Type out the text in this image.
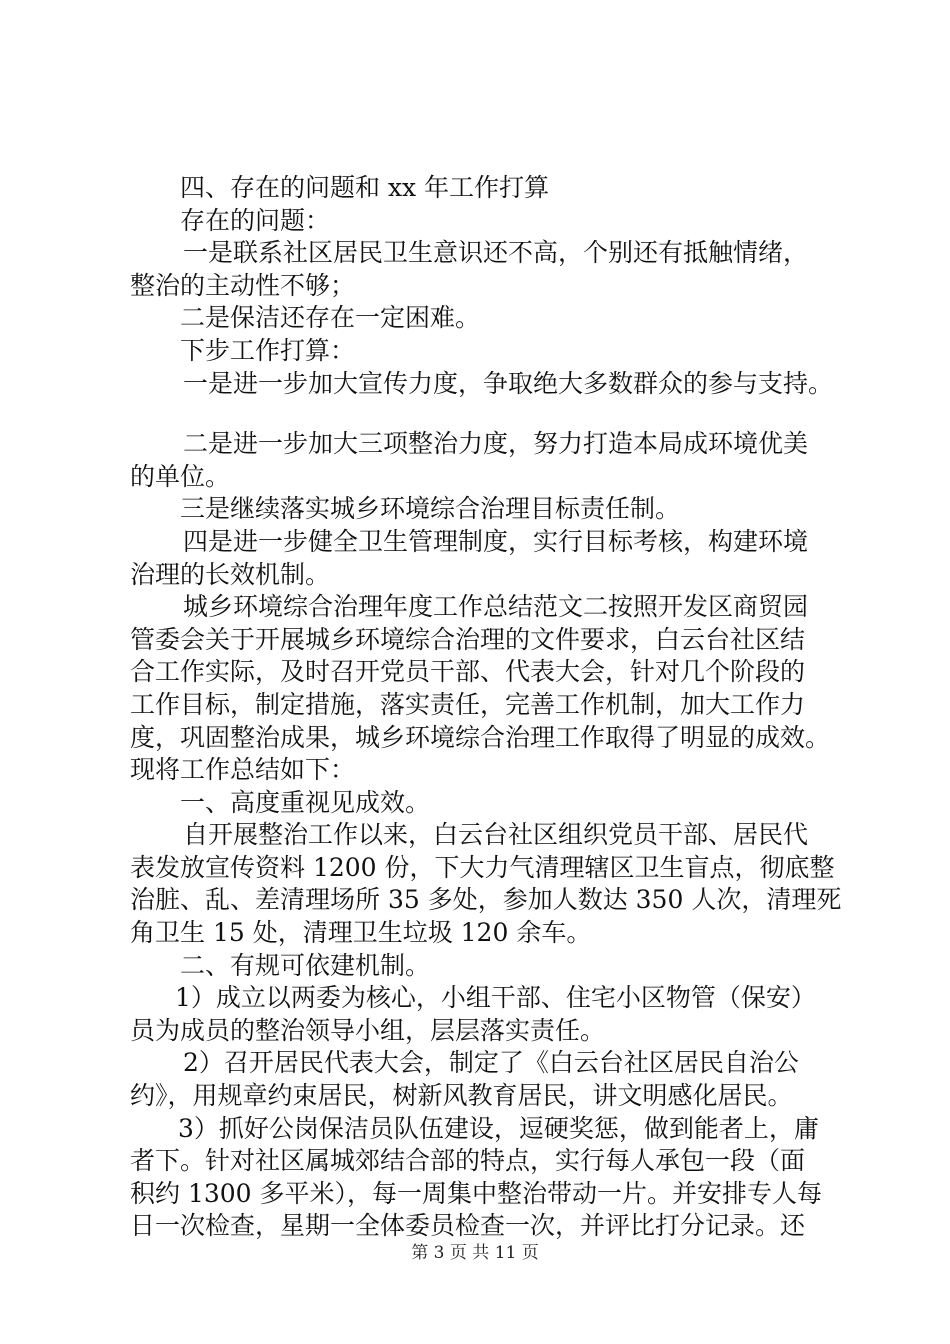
四、存在的问题和 xx 年工作打算
存在的问题：
一是联系社区居民卫生意识还不高，个别还有抵触情绪，
整治的主动性不够；
二是保洁还存在一定困难。
下步工作打算：
一是进一步加大宣传力度，争取绝大多数群众的参与支持。
二是进一步加大三项整治力度，努力打造本局成环境优美
的单位。
三是继续落实城乡环境综合治理目标责任制。
四是进一步健全卫生管理制度，实行目标考核，构建环境
治理的长效机制。
城乡环境综合治理年度工作总结范文二按照开发区商贸园
管委会关于开展城乡环境综合治理的文件要求，白云台社区结
合工作实际，及时召开党员干部、代表大会，针对几个阶段的
工作目标，制定措施，落实责任，完善工作机制，加大工作力
度，巩固整治成果，城乡环境综合治理工作取得了明显的成效。
现将工作总结如下：
一、高度重视见成效。
自开展整治工作以来，白云台社区组织党员干部、居民代
表发放宣传资料 1200 份，下大力气清理辖区卫生盲点，彻底整
治脏、乱、差清理场所 35 多处，参加人数达 350 人次，清理死
角卫生 15 处，清理卫生垃圾 120 余车。
二、有规可依建机制。
1）成立以两委为核心，小组干部、住宅小区物管（保安）
员为成员的整治领导小组，层层落实责任。
2）召开居民代表大会，制定了《白云台社区居民自治公
约》，用规章约束居民，树新风教育居民，讲文明感化居民。
3）抓好公岗保洁员队伍建设，逗硬奖惩，做到能者上，庸
者下。针对社区属城郊结合部的特点，实行每人承包一段（面
积约 1300 多平米），每一周集中整治带动一片。并安排专人每
日一次检查，星期一全体委员检查一次，并评比打分记录。还
第 3 页 共 11 页
